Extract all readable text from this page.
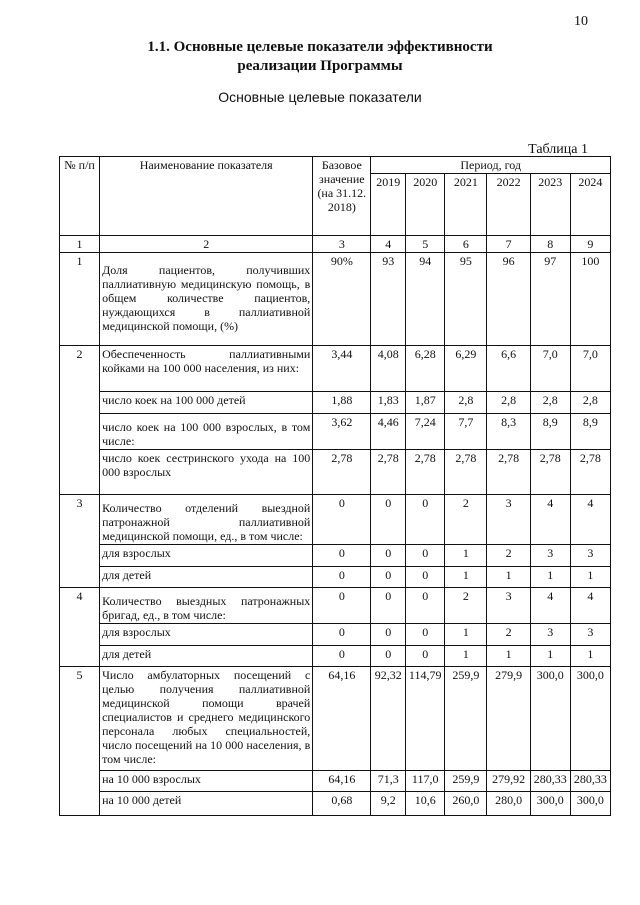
10
1.1. Основные целевые показатели эффективности
реализации Программы
Основные целевые показатели
Таблица 1
№ п/п	Наименование показателя	Базовое значение (на 31.12. 2018)	Период, год					
			2019	2020	2021	2022	2023	2024
1	2	3	4	5	6	7	8	9
1	Доля пациентов, получивших паллиативную медицинскую помощь, в общем количестве пациентов, нуждающихся в паллиативной медицинской помощи, (%)	90%	93	94	95	96	97	100
2	Обеспеченность паллиативными койками на 100 000 населения, из них:	3,44	4,08	6,28	6,29	6,6	7,0	7,0
	число коек на 100 000 детей	1,88	1,83	1,87	2,8	2,8	2,8	2,8
	число коек на 100 000 взрослых, в том числе:	3,62	4,46	7,24	7,7	8,3	8,9	8,9
	число коек сестринского ухода на 100 000 взрослых	2,78	2,78	2,78	2,78	2,78	2,78	2,78
3	Количество отделений выездной патронажной паллиативной медицинской помощи, ед., в том числе:	0	0	0	2	3	4	4
	для взрослых	0	0	0	1	2	3	3
	для детей	0	0	0	1	1	1	1
4	Количество выездных патронажных бригад, ед., в том числе:	0	0	0	2	3	4	4
	для взрослых	0	0	0	1	2	3	3
	для детей	0	0	0	1	1	1	1
5	Число амбулаторных посещений с целью получения паллиативной медицинской помощи врачей специалистов и среднего медицинского персонала любых специальностей, число посещений на 10 000 населения, в том числе:	64,16	92,32	114,79	259,9	279,9	300,0	300,0
	на 10 000 взрослых	64,16	71,3	117,0	259,9	279,92	280,33	280,33
	на 10 000 детей	0,68	9,2	10,6	260,0	280,0	300,0	300,0
